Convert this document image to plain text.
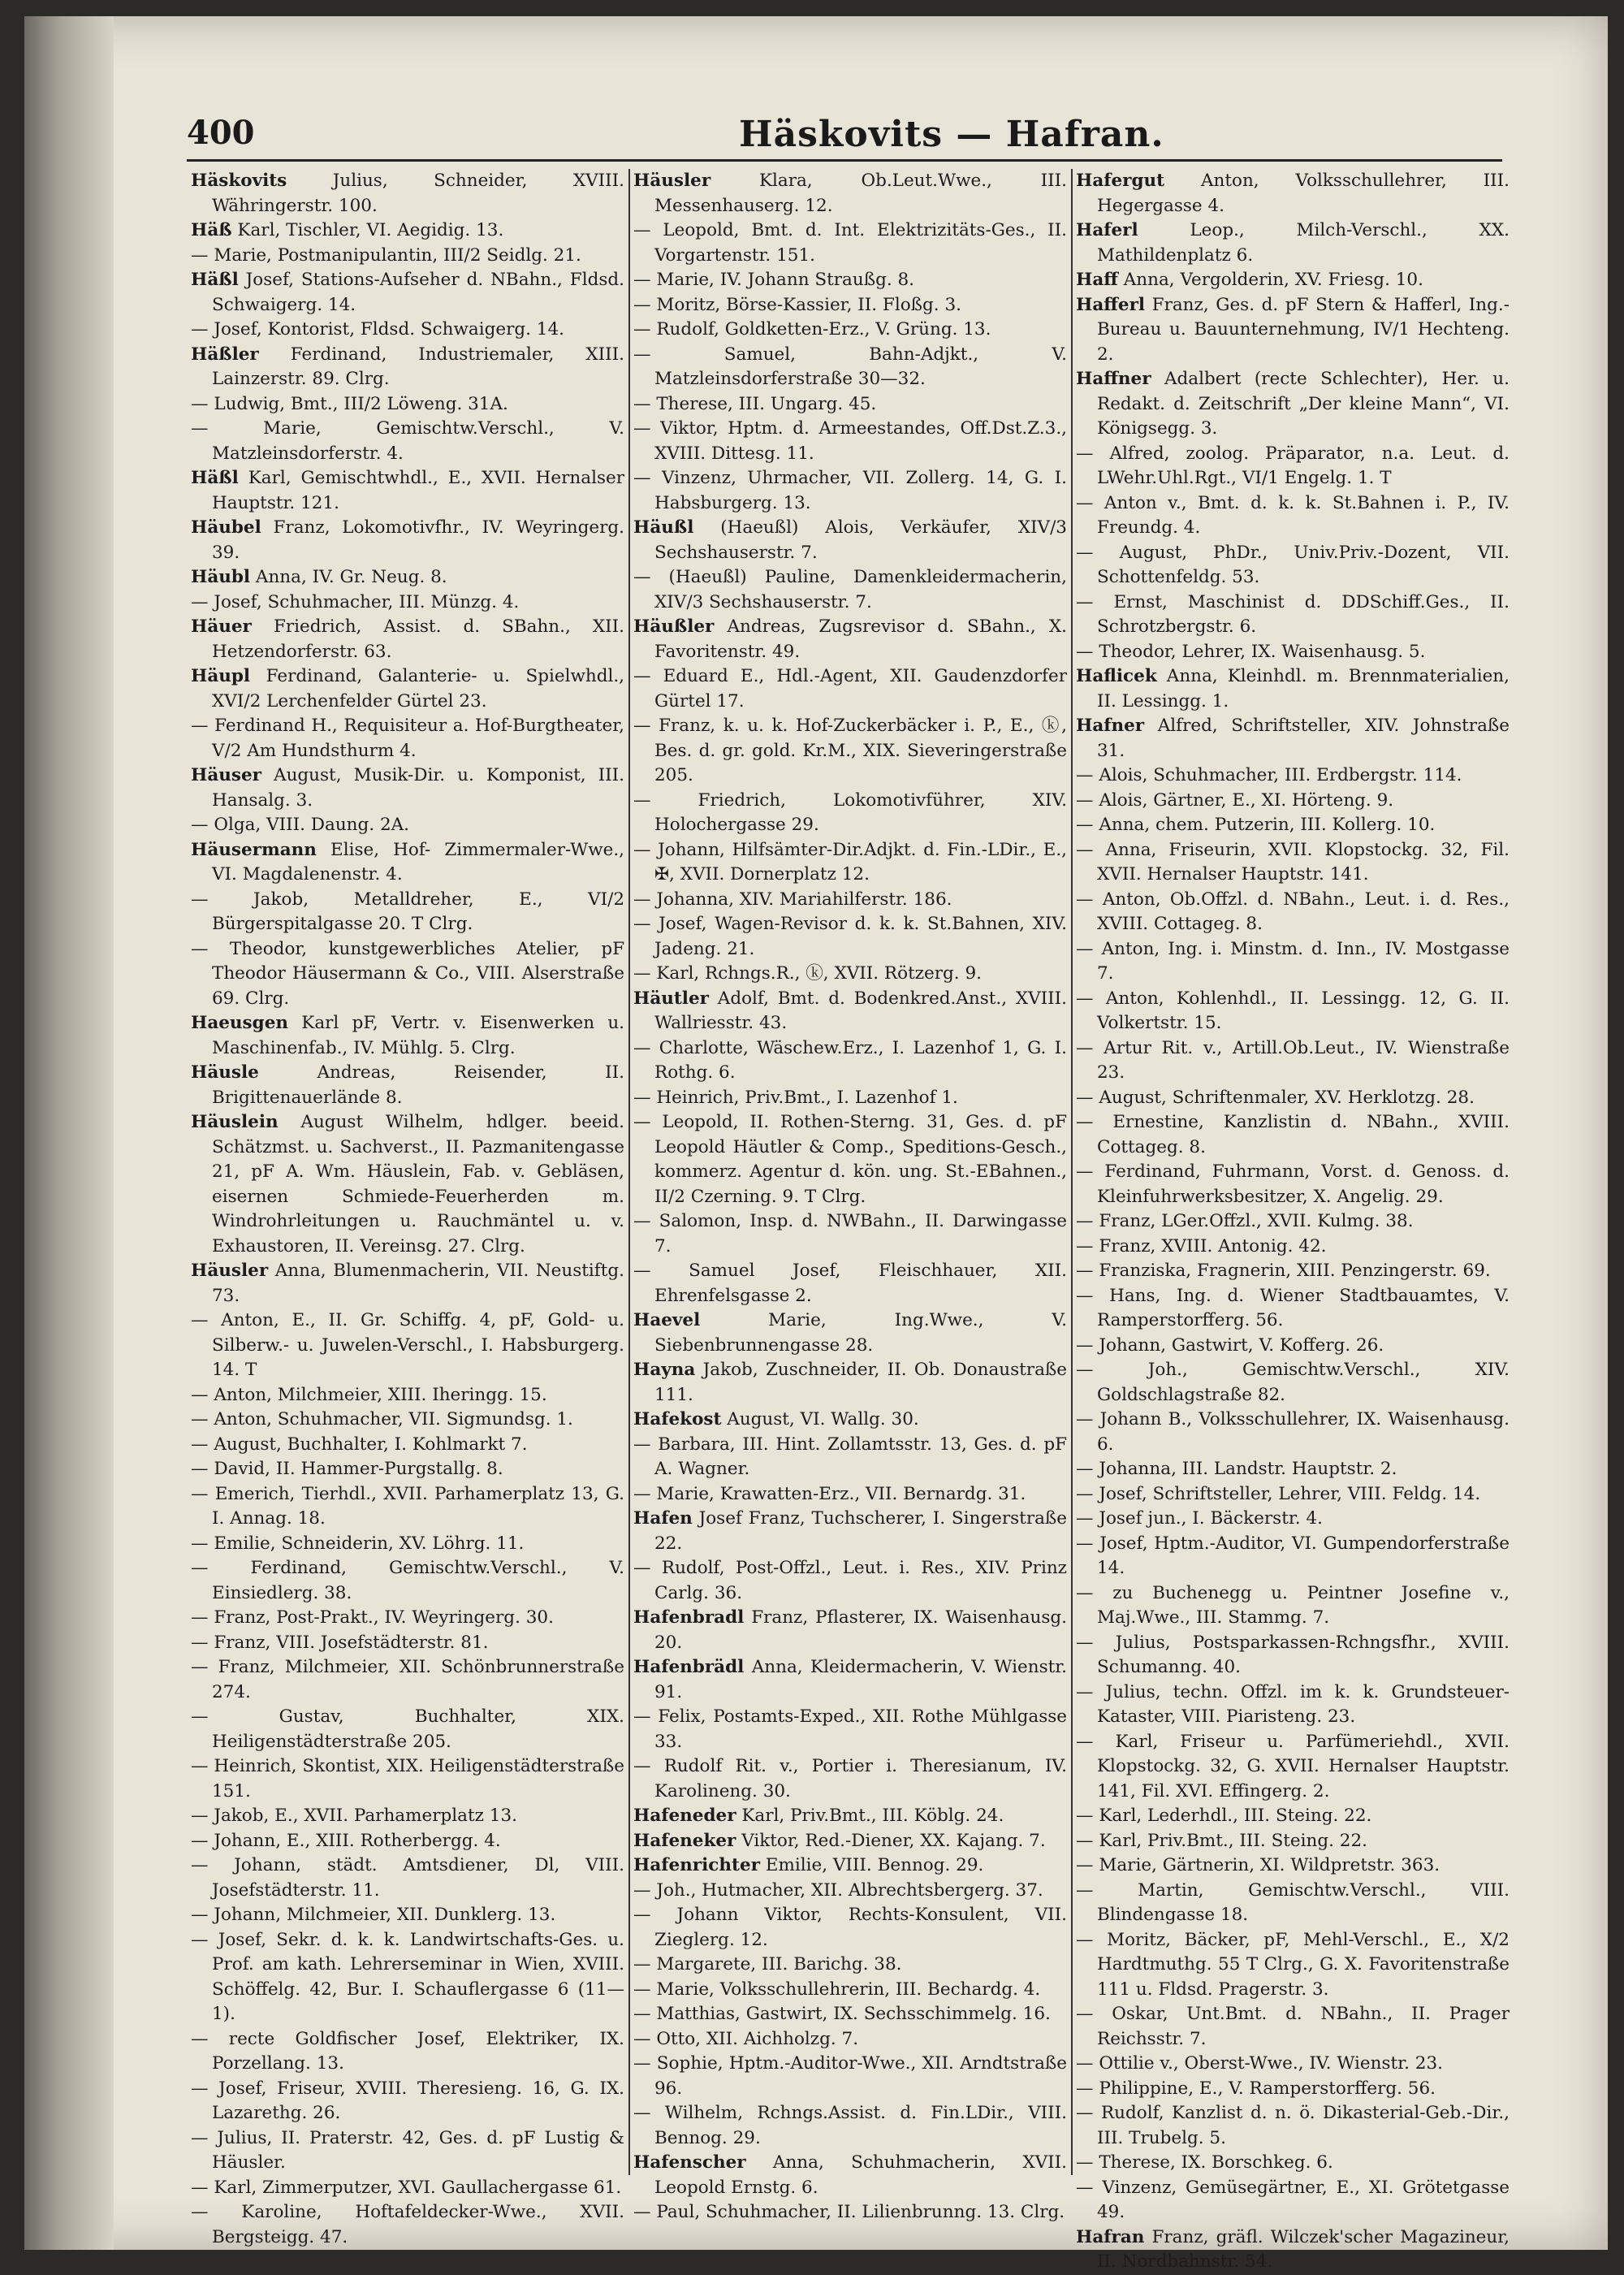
400	Häskovits — Hafran.

Häskovits Julius, Schneider, XVIII. Währingerstr. 100.

Häß Karl, Tischler, VI. Aegidig. 13.

— Marie, Postmanipulantin, III/2 Seidlg. 21.

Häßl Josef, Stations-Aufseher d. NBahn., Fldsd. Schwaigerg. 14.

— Josef, Kontorist, Fldsd. Schwaigerg. 14.

Häßler Ferdinand, Industriemaler, XIII. Lainzerstr. 89. Clrg.

— Ludwig, Bmt., III/2 Löweng. 31A.

— Marie, Gemischtw.Verschl., V. Matzleinsdorferstr. 4.

Häßl Karl, Gemischtwhdl., E., XVII. Hernalser Hauptstr. 121.

Häubel Franz, Lokomotivfhr., IV. Weyringerg. 39.

Häubl Anna, IV. Gr. Neug. 8.

— Josef, Schuhmacher, III. Münzg. 4.

Häuer Friedrich, Assist. d. SBahn., XII. Hetzendorferstr. 63.

Häupl Ferdinand, Galanterie- u. Spielwhdl., XVI/2 Lerchenfelder Gürtel 23.

— Ferdinand H., Requisiteur a. Hof-Burgtheater, V/2 Am Hundsthurm 4.

Häuser August, Musik-Dir. u. Komponist, III. Hansalg. 3.

— Olga, VIII. Daung. 2A.

Häusermann Elise, Hof- Zimmermaler-Wwe., VI. Magdalenenstr. 4.

— Jakob, Metalldreher, E., VI/2 Bürgerspitalgasse 20. T Clrg.

— Theodor, kunstgewerbliches Atelier, pF Theodor Häusermann & Co., VIII. Alserstraße 69. Clrg.

Haeusgen Karl pF, Vertr. v. Eisenwerken u. Maschinenfab., IV. Mühlg. 5. Clrg.

Häusle Andreas, Reisender, II. Brigittenauerlände 8.

Häuslein August Wilhelm, hdlger. beeid. Schätzmst. u. Sachverst., II. Pazmanitengasse 21, pF A. Wm. Häuslein, Fab. v. Gebläsen, eisernen Schmiede-Feuerherden m. Windrohrleitungen u. Rauchmäntel u. v. Exhaustoren, II. Vereinsg. 27. Clrg.

Häusler Anna, Blumenmacherin, VII. Neustiftg. 73.

— Anton, E., II. Gr. Schiffg. 4, pF, Gold- u. Silberw.- u. Juwelen-Verschl., I. Habsburgerg. 14. T

— Anton, Milchmeier, XIII. Iheringg. 15.

— Anton, Schuhmacher, VII. Sigmundsg. 1.

— August, Buchhalter, I. Kohlmarkt 7.

— David, II. Hammer-Purgstallg. 8.

— Emerich, Tierhdl., XVII. Parhamerplatz 13, G. I. Annag. 18.

— Emilie, Schneiderin, XV. Löhrg. 11.

— Ferdinand, Gemischtw.Verschl., V. Einsiedlerg. 38.

— Franz, Post-Prakt., IV. Weyringerg. 30.

— Franz, VIII. Josefstädterstr. 81.

— Franz, Milchmeier, XII. Schönbrunnerstraße 274.

— Gustav, Buchhalter, XIX. Heiligenstädterstraße 205.

— Heinrich, Skontist, XIX. Heiligenstädterstraße 151.

— Jakob, E., XVII. Parhamerplatz 13.

— Johann, E., XIII. Rotherbergg. 4.

— Johann, städt. Amtsdiener, Dl, VIII. Josefstädterstr. 11.

— Johann, Milchmeier, XII. Dunklerg. 13.

— Josef, Sekr. d. k. k. Landwirtschafts-Ges. u. Prof. am kath. Lehrerseminar in Wien, XVIII. Schöffelg. 42, Bur. I. Schauflergasse 6 (11—1).

— recte Goldfischer Josef, Elektriker, IX. Porzellang. 13.

— Josef, Friseur, XVIII. Theresieng. 16, G. IX. Lazarethg. 26.

— Julius, II. Praterstr. 42, Ges. d. pF Lustig & Häusler.

— Karl, Zimmerputzer, XVI. Gaullachergasse 61.

— Karoline, Hoftafeldecker-Wwe., XVII. Bergsteigg. 47.

Häusler Klara, Ob.Leut.Wwe., III. Messenhauserg. 12.

— Leopold, Bmt. d. Int. Elektrizitäts-Ges., II. Vorgartenstr. 151.

— Marie, IV. Johann Straußg. 8.

— Moritz, Börse-Kassier, II. Floßg. 3.

— Rudolf, Goldketten-Erz., V. Grüng. 13.

— Samuel, Bahn-Adjkt., V. Matzleinsdorferstraße 30—32.

— Therese, III. Ungarg. 45.

— Viktor, Hptm. d. Armeestandes, Off.Dst.Z.3., XVIII. Dittesg. 11.

— Vinzenz, Uhrmacher, VII. Zollerg. 14, G. I. Habsburgerg. 13.

Häußl (Haeußl) Alois, Verkäufer, XIV/3 Sechshauserstr. 7.

— (Haeußl) Pauline, Damenkleidermacherin, XIV/3 Sechshauserstr. 7.

Häußler Andreas, Zugsrevisor d. SBahn., X. Favoritenstr. 49.

— Eduard E., Hdl.-Agent, XII. Gaudenzdorfer Gürtel 17.

— Franz, k. u. k. Hof-Zuckerbäcker i. P., E., ⓚ, Bes. d. gr. gold. Kr.M., XIX. Sieveringerstraße 205.

— Friedrich, Lokomotivführer, XIV. Holochergasse 29.

— Johann, Hilfsämter-Dir.Adjkt. d. Fin.-LDir., E., ✠, XVII. Dornerplatz 12.

— Johanna, XIV. Mariahilferstr. 186.

— Josef, Wagen-Revisor d. k. k. St.Bahnen, XIV. Jadeng. 21.

— Karl, Rchngs.R., ⓚ, XVII. Rötzerg. 9.

Häutler Adolf, Bmt. d. Bodenkred.Anst., XVIII. Wallriesstr. 43.

— Charlotte, Wäschew.Erz., I. Lazenhof 1, G. I. Rothg. 6.

— Heinrich, Priv.Bmt., I. Lazenhof 1.

— Leopold, II. Rothen-Sterng. 31, Ges. d. pF Leopold Häutler & Comp., Speditions-Gesch., kommerz. Agentur d. kön. ung. St.-EBahnen., II/2 Czerning. 9. T Clrg.

— Salomon, Insp. d. NWBahn., II. Darwingasse 7.

— Samuel Josef, Fleischhauer, XII. Ehrenfelsgasse 2.

Haevel Marie, Ing.Wwe., V. Siebenbrunnengasse 28.

Hayna Jakob, Zuschneider, II. Ob. Donaustraße 111.

Hafekost August, VI. Wallg. 30.

— Barbara, III. Hint. Zollamtsstr. 13, Ges. d. pF A. Wagner.

— Marie, Krawatten-Erz., VII. Bernardg. 31.

Hafen Josef Franz, Tuchscherer, I. Singerstraße 22.

— Rudolf, Post-Offzl., Leut. i. Res., XIV. Prinz Carlg. 36.

Hafenbradl Franz, Pflasterer, IX. Waisenhausg. 20.

Hafenbrädl Anna, Kleidermacherin, V. Wienstr. 91.

— Felix, Postamts-Exped., XII. Rothe Mühlgasse 33.

— Rudolf Rit. v., Portier i. Theresianum, IV. Karolineng. 30.

Hafeneder Karl, Priv.Bmt., III. Köblg. 24.

Hafeneker Viktor, Red.-Diener, XX. Kajang. 7.

Hafenrichter Emilie, VIII. Bennog. 29.

— Joh., Hutmacher, XII. Albrechtsbergerg. 37.

— Johann Viktor, Rechts-Konsulent, VII. Zieglerg. 12.

— Margarete, III. Barichg. 38.

— Marie, Volksschullehrerin, III. Bechardg. 4.

— Matthias, Gastwirt, IX. Sechsschimmelg. 16.

— Otto, XII. Aichholzg. 7.

— Sophie, Hptm.-Auditor-Wwe., XII. Arndtstraße 96.

— Wilhelm, Rchngs.Assist. d. Fin.LDir., VIII. Bennog. 29.

Hafenscher Anna, Schuhmacherin, XVII. Leopold Ernstg. 6.

— Paul, Schuhmacher, II. Lilienbrunng. 13. Clrg.

Hafergut Anton, Volksschullehrer, III. Hegergasse 4.

Haferl Leop., Milch-Verschl., XX. Mathildenplatz 6.

Haff Anna, Vergolderin, XV. Friesg. 10.

Hafferl Franz, Ges. d. pF Stern & Hafferl, Ing.-Bureau u. Bauunternehmung, IV/1 Hechteng. 2.

Haffner Adalbert (recte Schlechter), Her. u. Redakt. d. Zeitschrift „Der kleine Mann“, VI. Königsegg. 3.

— Alfred, zoolog. Präparator, n.a. Leut. d. LWehr.Uhl.Rgt., VI/1 Engelg. 1. T

— Anton v., Bmt. d. k. k. St.Bahnen i. P., IV. Freundg. 4.

— August, PhDr., Univ.Priv.-Dozent, VII. Schottenfeldg. 53.

— Ernst, Maschinist d. DDSchiff.Ges., II. Schrotzbergstr. 6.

— Theodor, Lehrer, IX. Waisenhausg. 5.

Haflicek Anna, Kleinhdl. m. Brennmaterialien, II. Lessingg. 1.

Hafner Alfred, Schriftsteller, XIV. Johnstraße 31.

— Alois, Schuhmacher, III. Erdbergstr. 114.

— Alois, Gärtner, E., XI. Hörteng. 9.

— Anna, chem. Putzerin, III. Kollerg. 10.

— Anna, Friseurin, XVII. Klopstockg. 32, Fil. XVII. Hernalser Hauptstr. 141.

— Anton, Ob.Offzl. d. NBahn., Leut. i. d. Res., XVIII. Cottageg. 8.

— Anton, Ing. i. Minstm. d. Inn., IV. Mostgasse 7.

— Anton, Kohlenhdl., II. Lessingg. 12, G. II. Volkertstr. 15.

— Artur Rit. v., Artill.Ob.Leut., IV. Wienstraße 23.

— August, Schriftenmaler, XV. Herklotzg. 28.

— Ernestine, Kanzlistin d. NBahn., XVIII. Cottageg. 8.

— Ferdinand, Fuhrmann, Vorst. d. Genoss. d. Kleinfuhrwerksbesitzer, X. Angelig. 29.

— Franz, LGer.Offzl., XVII. Kulmg. 38.

— Franz, XVIII. Antonig. 42.

— Franziska, Fragnerin, XIII. Penzingerstr. 69.

— Hans, Ing. d. Wiener Stadtbauamtes, V. Ramperstorfferg. 56.

— Johann, Gastwirt, V. Kofferg. 26.

— Joh., Gemischtw.Verschl., XIV. Goldschlagstraße 82.

— Johann B., Volksschullehrer, IX. Waisenhausg. 6.

— Johanna, III. Landstr. Hauptstr. 2.

— Josef, Schriftsteller, Lehrer, VIII. Feldg. 14.

— Josef jun., I. Bäckerstr. 4.

— Josef, Hptm.-Auditor, VI. Gumpendorferstraße 14.

— zu Buchenegg u. Peintner Josefine v., Maj.Wwe., III. Stammg. 7.

— Julius, Postsparkassen-Rchngsfhr., XVIII. Schumanng. 40.

— Julius, techn. Offzl. im k. k. Grundsteuer-Kataster, VIII. Piaristeng. 23.

— Karl, Friseur u. Parfümeriehdl., XVII. Klopstockg. 32, G. XVII. Hernalser Hauptstr. 141, Fil. XVI. Effingerg. 2.

— Karl, Lederhdl., III. Steing. 22.

— Karl, Priv.Bmt., III. Steing. 22.

— Marie, Gärtnerin, XI. Wildpretstr. 363.

— Martin, Gemischtw.Verschl., VIII. Blindengasse 18.

— Moritz, Bäcker, pF, Mehl-Verschl., E., X/2 Hardtmuthg. 55 T Clrg., G. X. Favoritenstraße 111 u. Fldsd. Pragerstr. 3.

— Oskar, Unt.Bmt. d. NBahn., II. Prager Reichsstr. 7.

— Ottilie v., Oberst-Wwe., IV. Wienstr. 23.

— Philippine, E., V. Ramperstorfferg. 56.

— Rudolf, Kanzlist d. n. ö. Dikasterial-Geb.-Dir., III. Trubelg. 5.

— Therese, IX. Borschkeg. 6.

— Vinzenz, Gemüsegärtner, E., XI. Grötetgasse 49.

Hafran Franz, gräfl. Wilczek'scher Magazineur, II. Nordbahnstr. 54.
